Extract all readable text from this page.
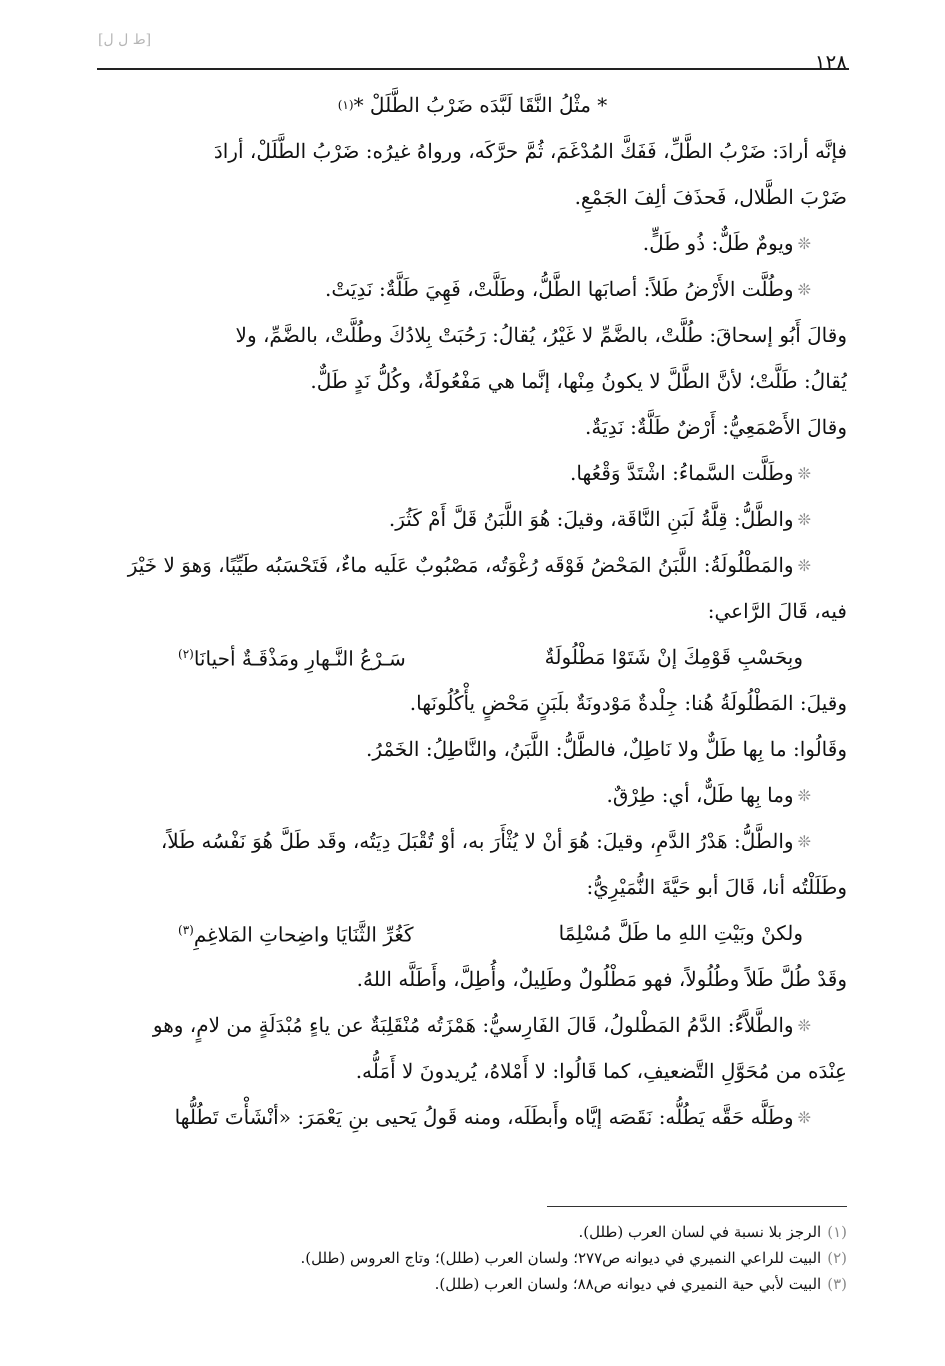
[ط ل ل]
١٢٨
* مثْلُ النَّقَا لَبَّدَه ضَرْبُ الطَّلَلْ *
(١)
فإنَّه أرادَ: ضَرْبُ الطَّلِّ، فَفَكَّ المُدْغَمَ، ثُمَّ حرَّكَه، ورواهُ غيرُه: ضَرْبُ الطَّلَلْ، أرادَ
ضَرْبَ الطَّلال، فَحذَفَ ألِفَ الجَمْعِ.
❊
ويومٌ طَلٌّ: ذُو طَلٍّ.
❊
وطُلَّت الأَرْضُ طَلاً: أصابَها الطَّلُّ، وطَلَّتْ، فَهِيَ طَلَّةٌ: نَدِيَتْ.
وقالَ أَبُو إسحاقَ: طُلَّتْ، بالضَّمِّ لا غَيْرُ، يُقالُ: رَحُبَتْ بِلادُكَ وطُلَّتْ، بالضَّمِّ، ولا
يُقالُ: طَلَّتْ؛ لأنَّ الطَّلَّ لا يكونُ مِنْها، إنَّما هي مَفْعُولَةٌ، وكُلُّ نَدٍ طَلٌّ.
وقالَ الأَصْمَعِيُّ: أَرْضٌ طَلَّةٌ: نَدِيَةٌ.
❊
وطَلَّت السَّماءُ: اشْتَدَّ وَقْعُها.
❊
والطَّلُّ: قِلَّةُ لَبَنِ النَّاقَة، وقيلَ: هُوَ اللَّبَنُ قَلَّ أَمْ كَثُرَ.
❊
والمَطْلُولَةُ: اللَّبَنُ المَحْضُ فَوْقَه رُغْوَتُه، مَصْبُوبٌ عَلَيه ماءٌ، فَتَحْسَبُه طَيِّبًا، وَهوَ لا خَيْرَ
فيه، قَالَ الرَّاعي:
وبِحَسْبِ قَوْمِكَ إنْ شَتَوْا مَطْلُولَةٌ
سَـرْعُ النَّـهارِ ومَذْقَـةٌ أحيانَا$^{(٢)}$
وقيلَ: المَطْلُولَةُ هُنا: جِلْدةٌ مَوْدونَةٌ بلَبَنٍ مَحْضٍ يأْكُلُونَها.
وقَالُوا: ما بِها طَلٌّ ولا نَاطِلٌ، فالطَّلُّ: اللَّبَنُ، والنَّاطِلُ: الخَمْرُ.
❊
وما بِها طَلٌّ، أي: طِرْقٌ.
❊
والطَّلُّ: هَدْرُ الدَّمِ، وقيلَ: هُوَ أنْ لا يُثْأَرَ به، أوْ تُقْبَلَ دِيَتُه، وقَد طَلَّ هُوَ نَفْسُه طَلاً،
وطَلَلْتُه أنا، قَالَ أبو حَيَّةَ النُّمَيْرِيُّ:
ولكنْ وبَيْتِ اللهِ ما طَلَّ مُسْلِمًا
كَغُرِّ الثَّنَايَا واضِحاتِ المَلاغِمِ$^{(٣)}$
وقَدْ طُلَّ طَلاً وطُلُولاً، فهو مَطْلُولٌ وطَلِيلٌ، وأُطِلَّ، وأَطَلَّه اللهُ.
❊
والطَّلاَّءُ: الدَّمُ المَطْلولُ، قَالَ الفَارِسيُّ: هَمْزَتُه مُنْقَلِبَةٌ عن ياءٍ مُبْدَلَةٍ من لامٍ، وهو
عِنْدَه من مُحَوَّلِ التَّضعيفِ، كما قَالُوا: لا أَمْلاهُ، يُريدونَ لا أَمَلُّه.
❊
وطَلَّه حَقَّه يَطُلُّه: نَقَصَه إيَّاه وأَبطَلَه، ومنه قَولُ يَحيى بنِ يَعْمَرَ: «أنْشَأْتَ تَطُلُّها

(١)الرجز بلا نسبة في لسان العرب (طلل).

(٢)البيت للراعي النميري في ديوانه ص٢٧٧؛ ولسان العرب (طلل)؛ وتاج العروس (طلل).

(٣)البيت لأبي حية النميري في ديوانه ص٨٨؛ ولسان العرب (طلل).
